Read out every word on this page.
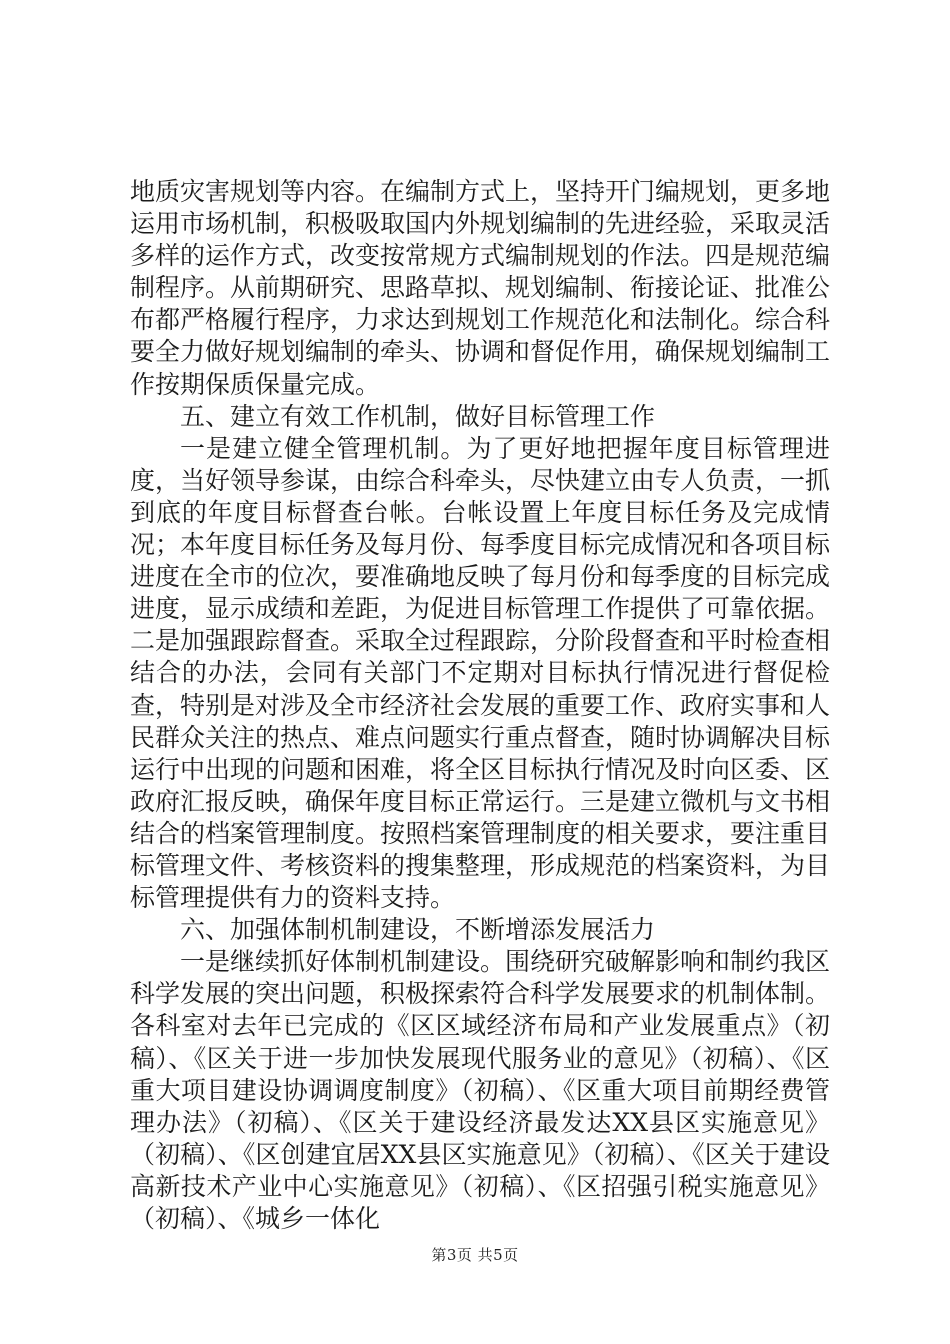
地质灾害规划等内容。在编制方式上，坚持开门编规划，更多地运用市场机制，积极吸取国内外规划编制的先进经验，采取灵活多样的运作方式，改变按常规方式编制规划的作法。四是规范编制程序。从前期研究、思路草拟、规划编制、衔接论证、批准公布都严格履行程序，力求达到规划工作规范化和法制化。综合科要全力做好规划编制的牵头、协调和督促作用，确保规划编制工作按期保质保量完成。

五、建立有效工作机制，做好目标管理工作

一是建立健全管理机制。为了更好地把握年度目标管理进度，当好领导参谋，由综合科牵头，尽快建立由专人负责，一抓到底的年度目标督查台帐。台帐设置上年度目标任务及完成情况；本年度目标任务及每月份、每季度目标完成情况和各项目标进度在全市的位次，要准确地反映了每月份和每季度的目标完成进度，显示成绩和差距，为促进目标管理工作提供了可靠依据。二是加强跟踪督查。采取全过程跟踪，分阶段督查和平时检查相结合的办法，会同有关部门不定期对目标执行情况进行督促检查，特别是对涉及全市经济社会发展的重要工作、政府实事和人民群众关注的热点、难点问题实行重点督查，随时协调解决目标运行中出现的问题和困难，将全区目标执行情况及时向区委、区政府汇报反映，确保年度目标正常运行。三是建立微机与文书相结合的档案管理制度。按照档案管理制度的相关要求，要注重目标管理文件、考核资料的搜集整理，形成规范的档案资料，为目标管理提供有力的资料支持。

六、加强体制机制建设，不断增添发展活力

一是继续抓好体制机制建设。围绕研究破解影响和制约我区科学发展的突出问题，积极探索符合科学发展要求的机制体制。各科室对去年已完成的《区区域经济布局和产业发展重点》（初稿）、《区关于进一步加快发展现代服务业的意见》（初稿）、《区重大项目建设协调调度制度》（初稿）、《区重大项目前期经费管理办法》（初稿）、《区关于建设经济最发达XX县区实施意见》（初稿）、《区创建宜居XX县区实施意见》（初稿）、《区关于建设高新技术产业中心实施意见》（初稿）、《区招强引税实施意见》（初稿）、《城乡一体化

第3页 共5页
